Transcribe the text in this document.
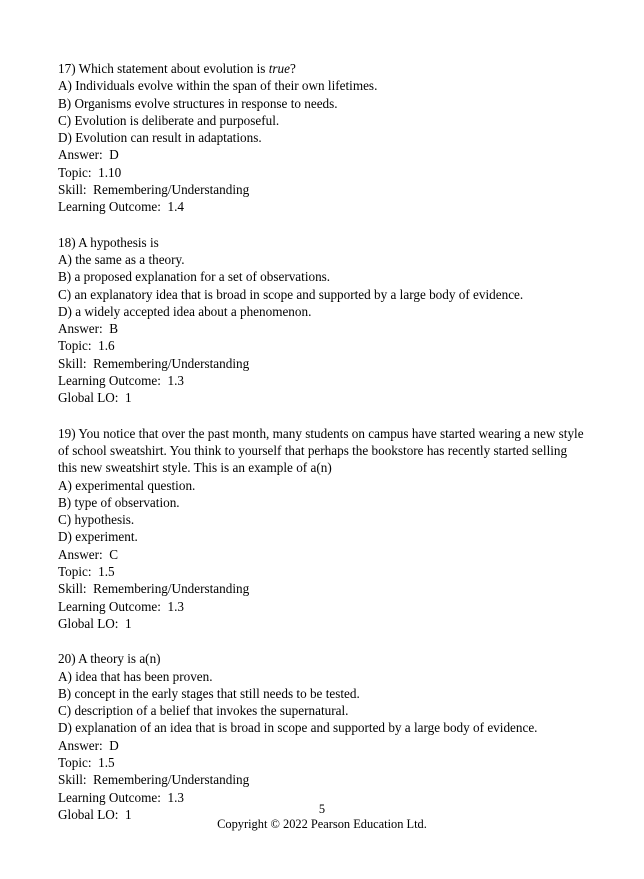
17) Which statement about evolution is true?
A) Individuals evolve within the span of their own lifetimes.
B) Organisms evolve structures in response to needs.
C) Evolution is deliberate and purposeful.
D) Evolution can result in adaptations.
Answer:  D
Topic:  1.10
Skill:  Remembering/Understanding
Learning Outcome:  1.4
18) A hypothesis is
A) the same as a theory.
B) a proposed explanation for a set of observations.
C) an explanatory idea that is broad in scope and supported by a large body of evidence.
D) a widely accepted idea about a phenomenon.
Answer:  B
Topic:  1.6
Skill:  Remembering/Understanding
Learning Outcome:  1.3
Global LO:  1
19) You notice that over the past month, many students on campus have started wearing a new style of school sweatshirt. You think to yourself that perhaps the bookstore has recently started selling this new sweatshirt style. This is an example of a(n)
A) experimental question.
B) type of observation.
C) hypothesis.
D) experiment.
Answer:  C
Topic:  1.5
Skill:  Remembering/Understanding
Learning Outcome:  1.3
Global LO:  1
20) A theory is a(n)
A) idea that has been proven.
B) concept in the early stages that still needs to be tested.
C) description of a belief that invokes the supernatural.
D) explanation of an idea that is broad in scope and supported by a large body of evidence.
Answer:  D
Topic:  1.5
Skill:  Remembering/Understanding
Learning Outcome:  1.3
Global LO:  1	5
Copyright © 2022 Pearson Education Ltd.
